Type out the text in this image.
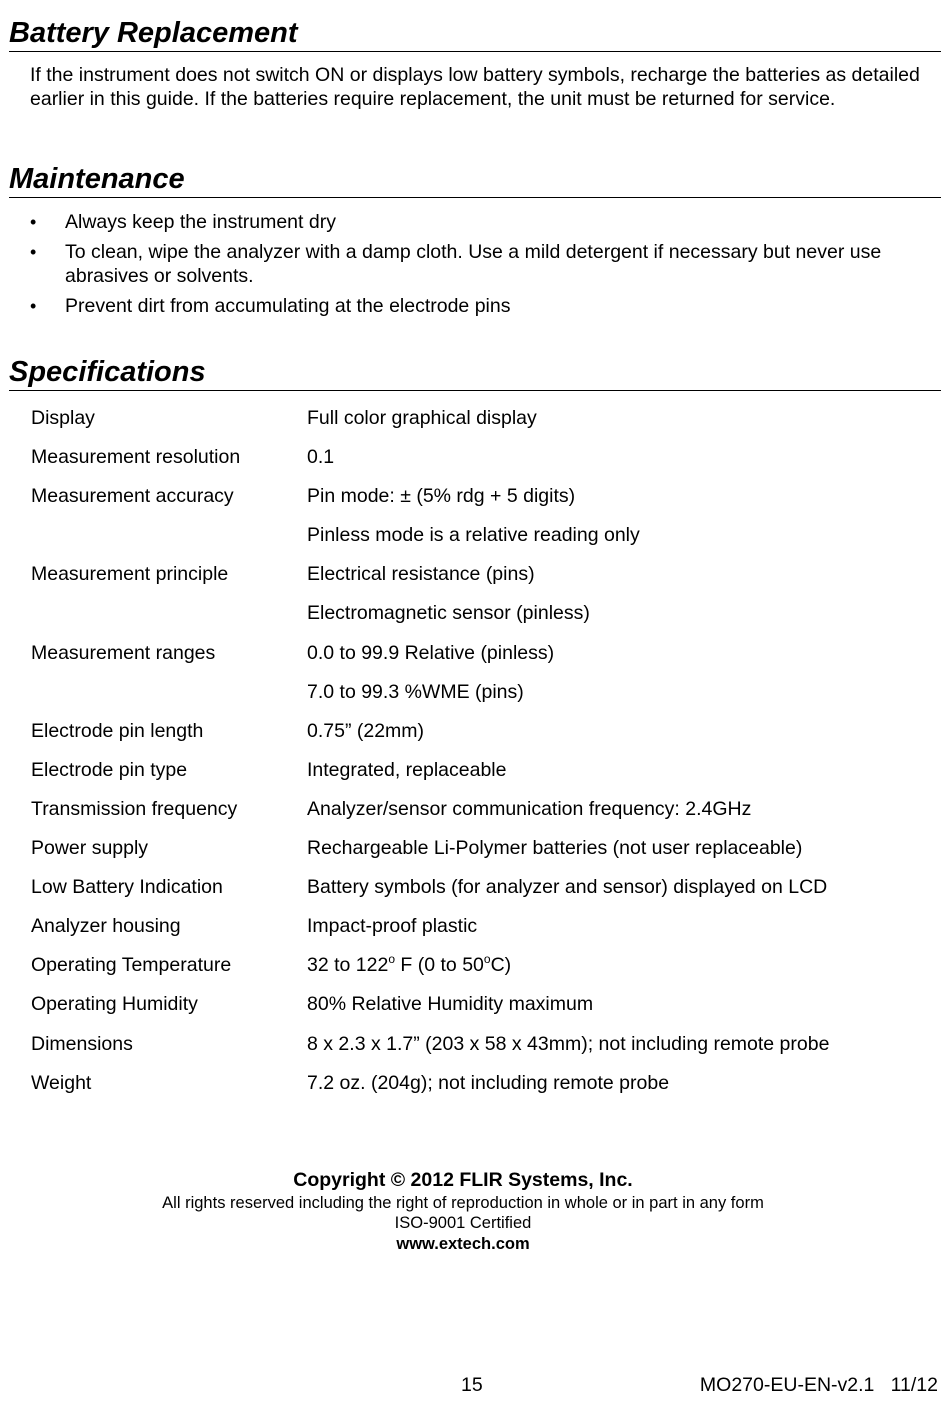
Battery Replacement

If the instrument does not switch ON or displays low battery symbols, recharge the batteries as detailed earlier in this guide. If the batteries require replacement, the unit must be returned for service.

Maintenance
• Always keep the instrument dry
• To clean, wipe the analyzer with a damp cloth. Use a mild detergent if necessary but never use abrasives or solvents.
• Prevent dirt from accumulating at the electrode pins
Specifications
Display	Full color graphical display
Measurement resolution	0.1
Measurement accuracy	Pin mode: ± (5% rdg + 5 digits)
Pinless mode is a relative reading only
Measurement principle	Electrical resistance (pins)
Electromagnetic sensor (pinless)
Measurement ranges	0.0 to 99.9 Relative (pinless)
7.0 to 99.3 %WME (pins)
Electrode pin length	0.75” (22mm)
Electrode pin type	Integrated, replaceable
Transmission frequency	Analyzer/sensor communication frequency: 2.4GHz
Power supply	Rechargeable Li-Polymer batteries (not user replaceable)
Low Battery Indication	Battery symbols (for analyzer and sensor) displayed on LCD
Analyzer housing	Impact-proof plastic
Operating Temperature	32 to 122$^o$ F (0 to 50$^o$C)
Operating Humidity	80% Relative Humidity maximum
Dimensions	8 x 2.3 x 1.7” (203 x 58 x 43mm); not including remote probe
Weight	7.2 oz. (204g); not including remote probe
Copyright © 2012 FLIR Systems, Inc.
All rights reserved including the right of reproduction in whole or in part in any form
ISO-9001 Certified
www.extech.com
15	MO270-EU-EN-v2.1   11/12
